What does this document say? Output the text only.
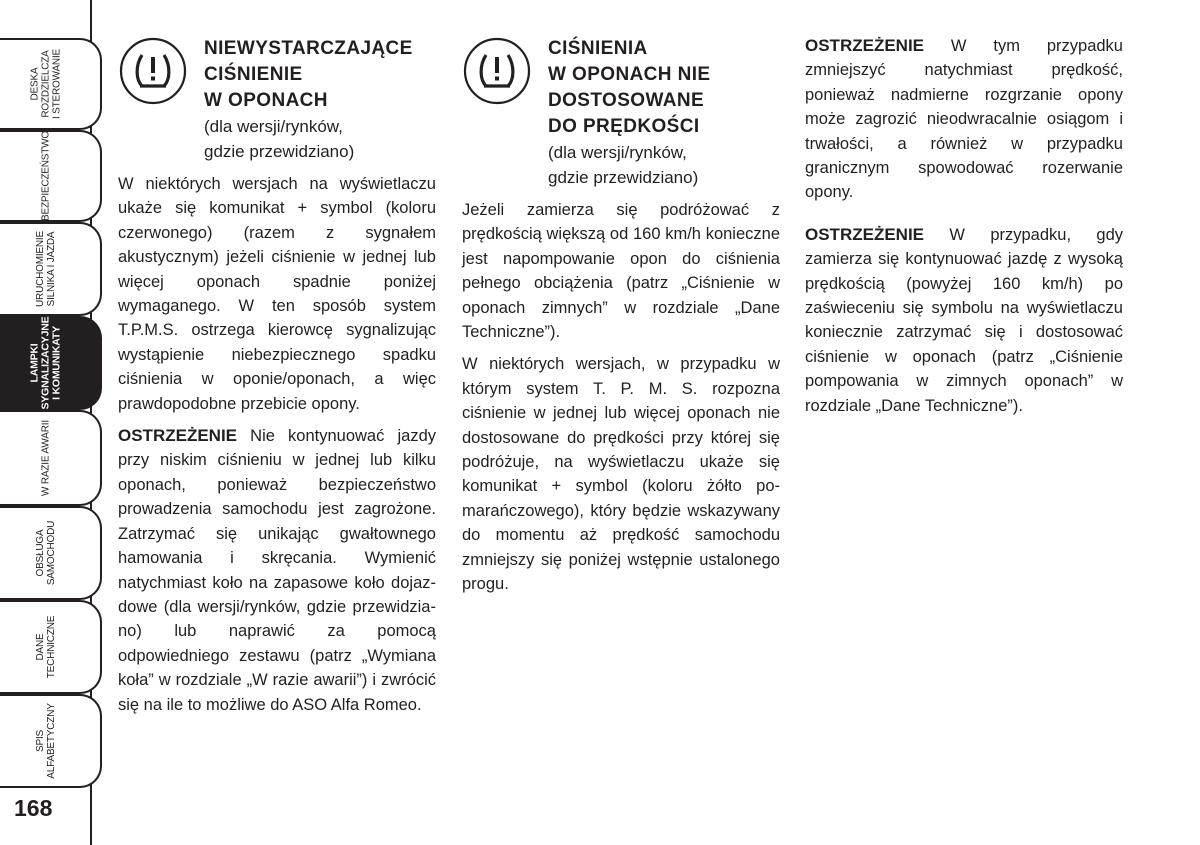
DESKA
ROZDZIELCZA
I STEROWANIE
BEZPIECZEŃSTWO
URUCHOMIENIE
SILNIKA I JAZDA
LAMPKI
SYGNALIZACYJNE
I KOMUNIKATY
W RAZIE AWARII
OBSŁUGA
SAMOCHODU
DANE
TECHNICZNE
SPIS
ALFABETYCZNY
168
NIEWYSTARCZAJĄCE
CIŚNIENIE
W OPONACH
(dla wersji/rynków,
gdzie przewidziano)

W niektórych wersjach na wyświetlaczu ukaże się komunikat + symbol (koloru czerwonego) (razem z sygnałem akustycznym) jeżeli ciśnienie w jednej lub więcej oponach spadnie poniżej wymaganego. W ten sposób system T.P.M.S. ostrzega kierowcę sygnalizując wystąpienie niebezpiecznego spadku ciśnienia w oponie/oponach, a więc prawdopodobne przebicie opony.

OSTRZEŻENIE Nie kontynuować jazdy przy niskim ciśnieniu w jednej lub kilku oponach, ponieważ bezpieczeństwo prowadzenia samochodu jest zagrożone. Zatrzymać się unikając gwałtownego hamowania i skręcania. Wymienić natychmiast koło na zapasowe koło dojazdowe (dla wersji/rynków, gdzie przewidziano) lub naprawić za pomocą odpowiedniego zestawu (patrz „Wymiana koła” w rozdziale „W razie awarii”) i zwrócić się na ile to możliwe do ASO Alfa Romeo.

CIŚNIENIA
W OPONACH NIE
DOSTOSOWANE
DO PRĘDKOŚCI
(dla wersji/rynków,
gdzie przewidziano)

Jeżeli zamierza się podróżować z prędkością większą od 160 km/h konieczne jest napompowanie opon do ciśnienia pełnego obciążenia (patrz „Ciśnienie w oponach zimnych” w rozdziale „Dane Techniczne”).

W niektórych wersjach, w przypadku w którym system T. P. M. S. rozpozna ciśnienie w jednej lub więcej oponach nie dostosowane do prędkości przy której się podróżuje, na wyświetlaczu ukaże się komunikat + symbol (koloru żółto pomarańczowego), który będzie wskazywany do momentu aż prędkość samochodu zmniejszy się poniżej wstępnie ustalonego progu.

OSTRZEŻENIE W tym przypadku zmniejszyć natychmiast prędkość, ponieważ nadmierne rozgrzanie opony może zagrozić nieodwracalnie osiągom i trwałości, a również w przypadku granicznym spowodować rozerwanie opony.

OSTRZEŻENIE W przypadku, gdy zamierza się kontynuować jazdę z wysoką prędkością (powyżej 160 km/h) po zaświeceniu się symbolu na wyświetlaczu koniecznie zatrzymać się i dostosować ciśnienie w oponach (patrz „Ciśnienie pompowania w zimnych oponach” w rozdziale „Dane Techniczne”).
